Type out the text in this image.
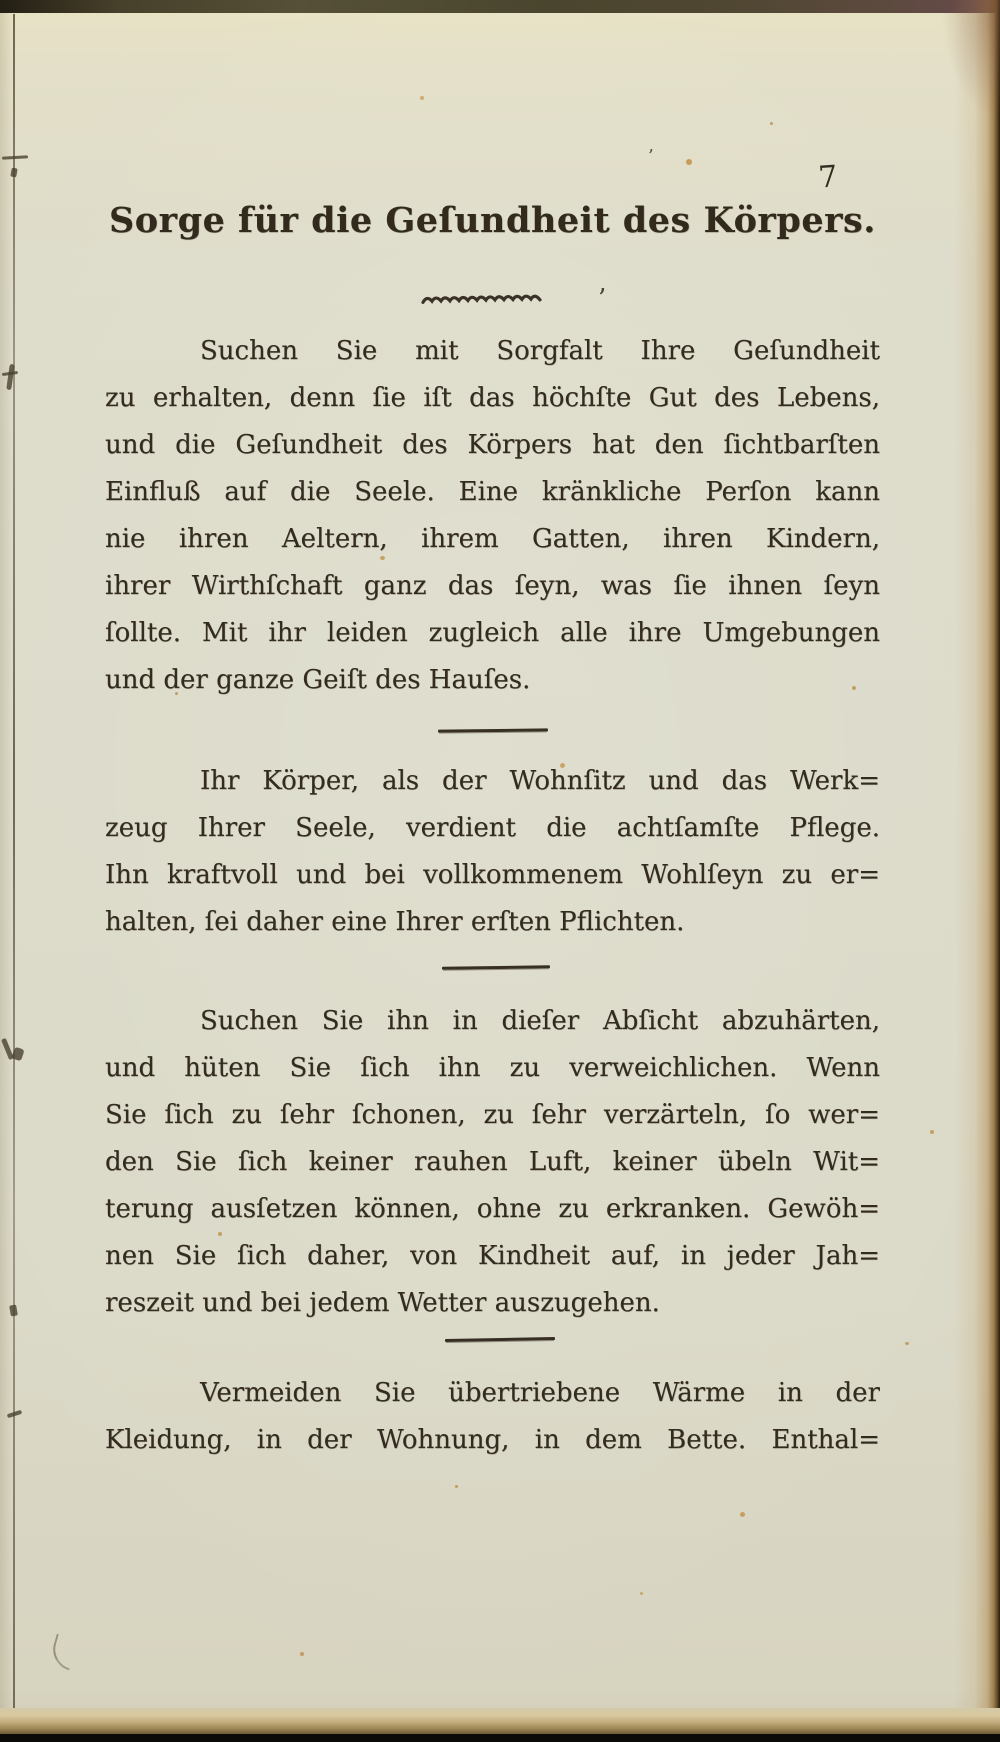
7
Sorge für die Geſundheit des Körpers.
’
’
Suchen Sie mit Sorgfalt Ihre Geſundheit
zu erhalten, denn ſie iſt das höchſte Gut des Lebens,
und die Geſundheit des Körpers hat den ſichtbarſten
Einfluß auf die Seele. Eine kränkliche Perſon kann
nie ihren Aeltern, ihrem Gatten, ihren Kindern,
ihrer Wirthſchaft ganz das ſeyn, was ſie ihnen ſeyn
ſollte. Mit ihr leiden zugleich alle ihre Umgebungen
und der ganze Geiſt des Hauſes.
Ihr Körper, als der Wohnſitz und das Werk=
zeug Ihrer Seele, verdient die achtſamſte Pflege.
Ihn kraftvoll und bei vollkommenem Wohlſeyn zu er=
halten, ſei daher eine Ihrer erſten Pflichten.
Suchen Sie ihn in dieſer Abſicht abzuhärten,
und hüten Sie ſich ihn zu verweichlichen. Wenn
Sie ſich zu ſehr ſchonen, zu ſehr verzärteln, ſo wer=
den Sie ſich keiner rauhen Luft, keiner übeln Wit=
terung ausſetzen können, ohne zu erkranken. Gewöh=
nen Sie ſich daher, von Kindheit auf, in jeder Jah=
reszeit und bei jedem Wetter auszugehen.
Vermeiden Sie übertriebene Wärme in der
Kleidung, in der Wohnung, in dem Bette. Enthal=
